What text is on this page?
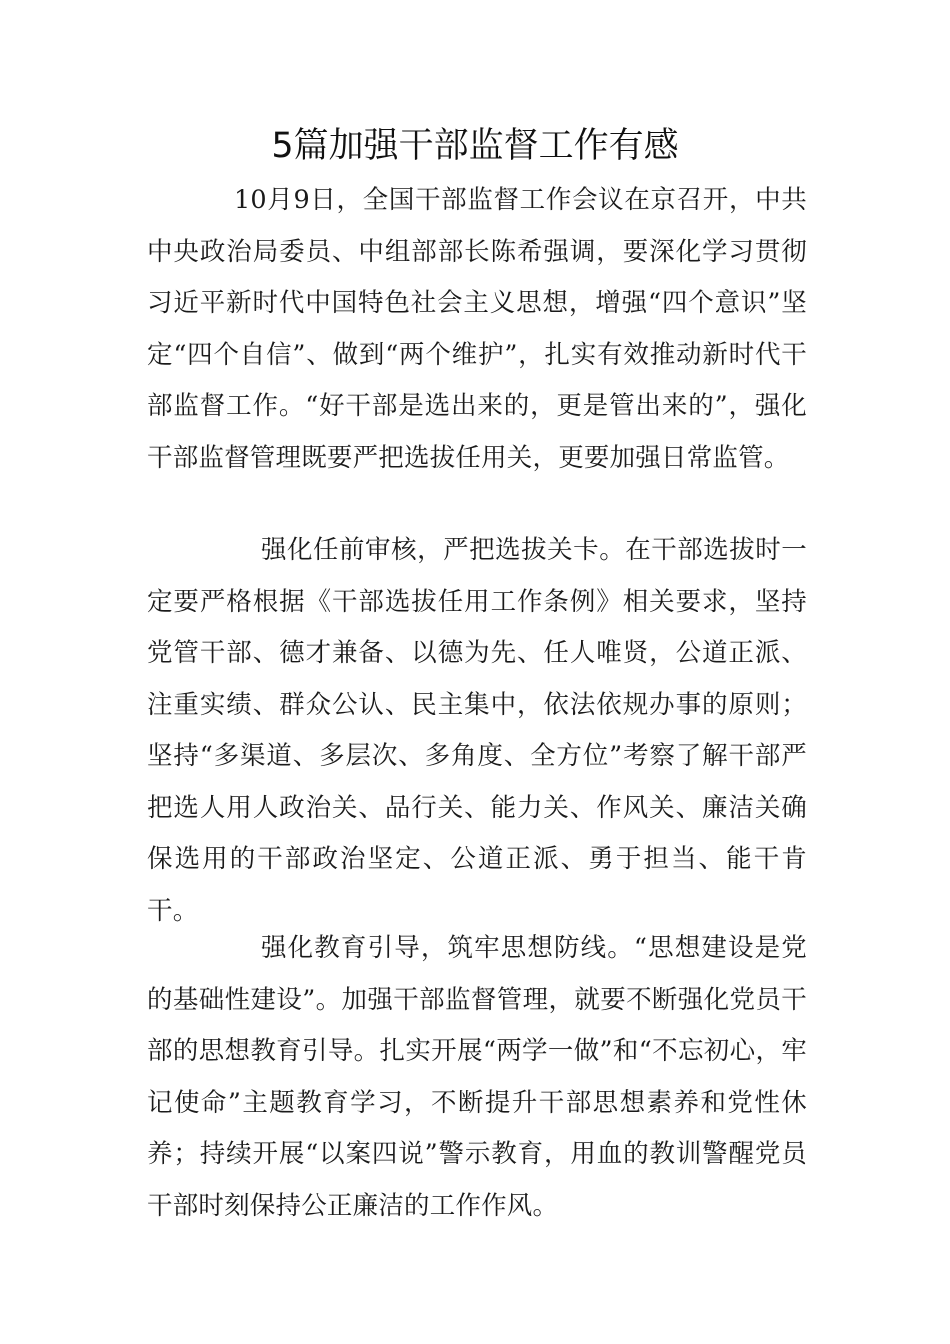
5篇加强干部监督工作有感

10月9日，全国干部监督工作会议在京召开，中共中央政治局委员、中组部部长陈希强调，要深化学习贯彻习近平新时代中国特色社会主义思想，增强“四个意识”坚定“四个自信”、做到“两个维护”，扎实有效推动新时代干部监督工作。“好干部是选出来的，更是管出来的”，强化干部监督管理既要严把选拔任用关，更要加强日常监管。

强化任前审核，严把选拔关卡。在干部选拔时一定要严格根据《干部选拔任用工作条例》相关要求，坚持党管干部、德才兼备、以德为先、任人唯贤，公道正派、注重实绩、群众公认、民主集中，依法依规办事的原则；坚持“多渠道、多层次、多角度、全方位”考察了解干部严把选人用人政治关、品行关、能力关、作风关、廉洁关确保选用的干部政治坚定、公道正派、勇于担当、能干肯干。

强化教育引导，筑牢思想防线。“思想建设是党的基础性建设”。加强干部监督管理，就要不断强化党员干部的思想教育引导。扎实开展“两学一做”和“不忘初心，牢记使命”主题教育学习，不断提升干部思想素养和党性休养；持续开展“以案四说”警示教育，用血的教训警醒党员干部时刻保持公正廉洁的工作作风。
